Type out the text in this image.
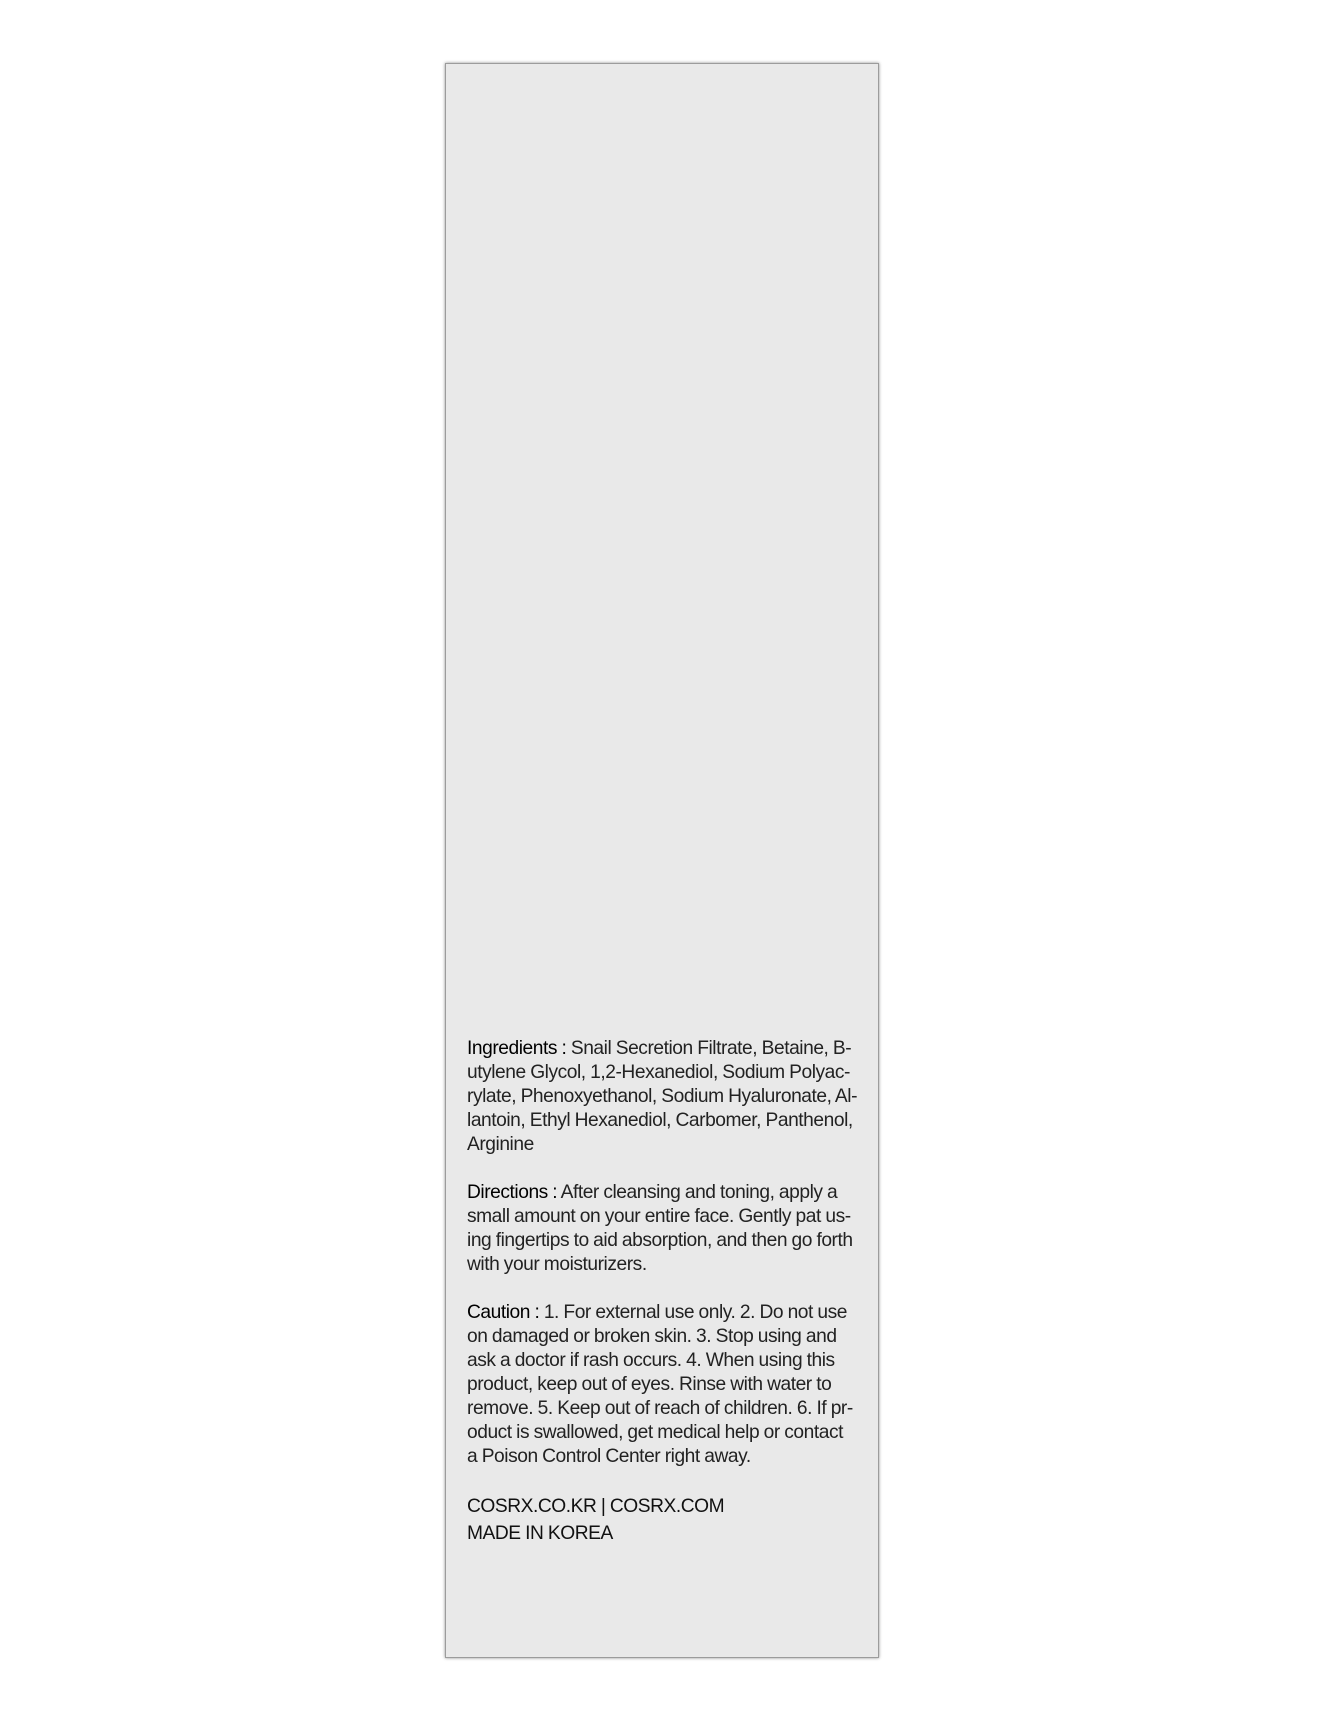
Ingredients : Snail Secretion Filtrate, Betaine, B-
utylene Glycol, 1,2-Hexanediol, Sodium Polyac-
rylate, Phenoxyethanol, Sodium Hyaluronate, Al-
lantoin, Ethyl Hexanediol, Carbomer, Panthenol,
Arginine

Directions : After cleansing and toning, apply a
small amount on your entire face. Gently pat us-
ing fingertips to aid absorption, and then go forth
with your moisturizers.

Caution : 1. For external use only. 2. Do not use
on damaged or broken skin. 3. Stop using and
ask a doctor if rash occurs. 4. When using this
product, keep out of eyes. Rinse with water to
remove. 5. Keep out of reach of children. 6. If pr-
oduct is swallowed, get medical help or contact
a Poison Control Center right away.

COSRX.CO.KR | COSRX.COM
MADE IN KOREA
